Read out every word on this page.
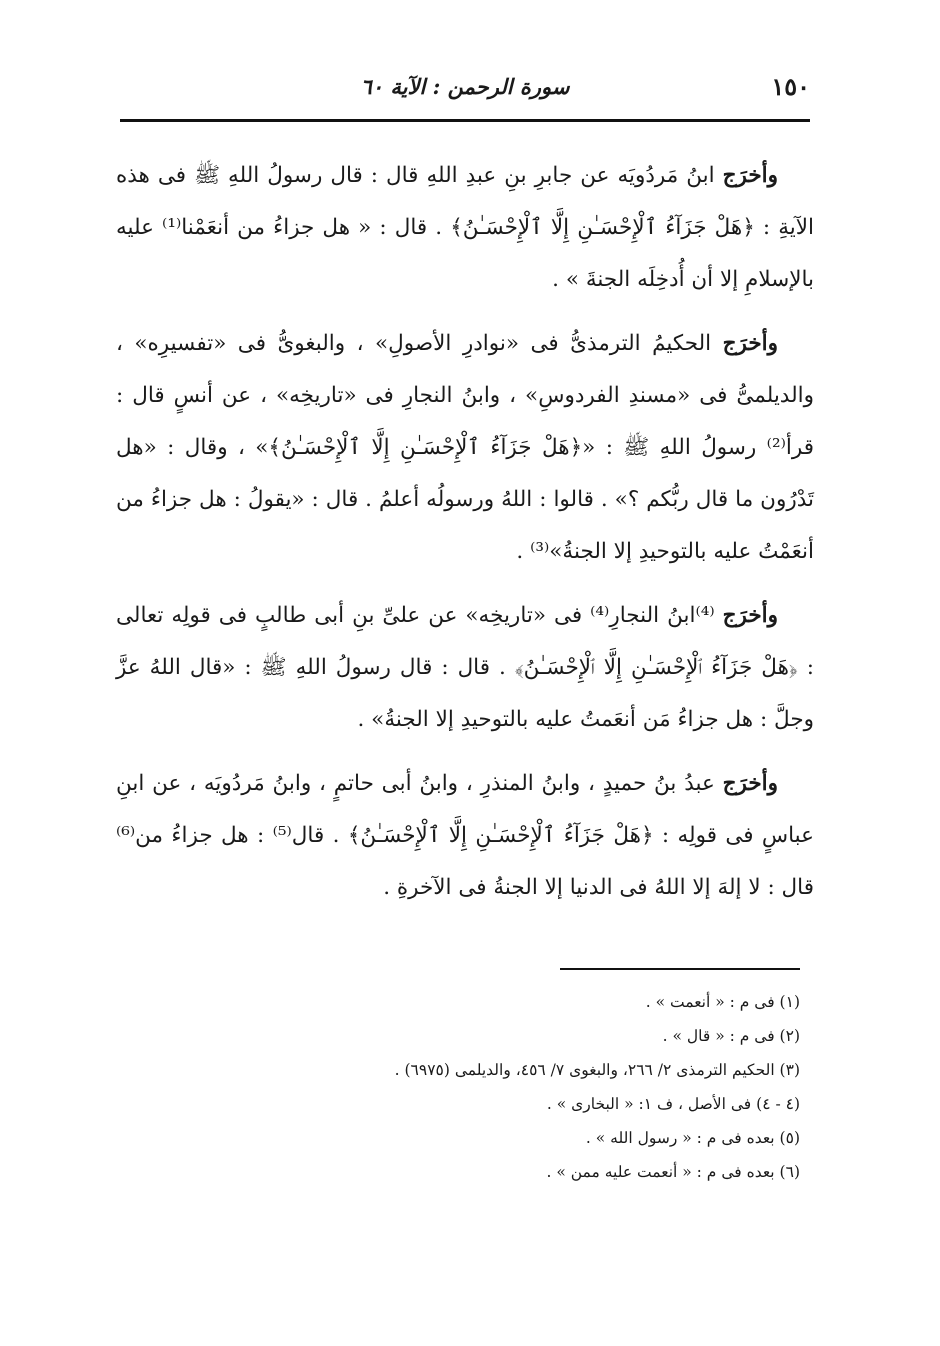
١٥٠
سورة الرحمن : الآية ٦٠

وأخرَج ابنُ مَردُويَه عن جابرِ بنِ عبدِ اللهِ قال : قال رسولُ اللهِ ﷺ فى هذه الآيةِ : ﴿هَلْ جَزَآءُ ٱلْإِحْسَـٰنِ إِلَّا ٱلْإِحْسَـٰنُ﴾ . قال : « هل جزاءُ من أنعَمْنا⁽¹⁾ عليه بالإسلامِ إلا أن أُدخِلَه الجنةَ » .

وأخرَج الحكيمُ الترمذىُّ فى «نوادرِ الأصولِ» ، والبغوىُّ فى «تفسيرِه» ، والديلمىُّ فى «مسندِ الفردوسِ» ، وابنُ النجارِ فى «تاريخِه» ، عن أنسٍ قال : قرأ⁽²⁾ رسولُ اللهِ ﷺ : «﴿هَلْ جَزَآءُ ٱلْإِحْسَـٰنِ إِلَّا ٱلْإِحْسَـٰنُ﴾» ، وقال : «هل تَدْرُون ما قال ربُّكم ؟» . قالوا : اللهُ ورسولُه أعلمُ . قال : «يقولُ : هل جزاءُ من أنعَمْتُ عليه بالتوحيدِ إلا الجنةُ»⁽³⁾ .

وأخرَج ⁽⁴⁾ابنُ النجارِ⁽⁴⁾ فى «تاريخِه» عن علىِّ بنِ أبى طالبٍ فى قولِه تعالى : ﴿هَلْ جَزَآءُ ٱلْإِحْسَـٰنِ إِلَّا ٱلْإِحْسَـٰنُ﴾ . قال : قال رسولُ اللهِ ﷺ : «قال اللهُ عزَّ وجلَّ : هل جزاءُ مَن أنعَمتُ عليه بالتوحيدِ إلا الجنةُ» .

وأخرَج عبدُ بنُ حميدٍ ، وابنُ المنذرِ ، وابنُ أبى حاتمٍ ، وابنُ مَردُويَه ، عن ابنِ عباسٍ فى قولِه : ﴿هَلْ جَزَآءُ ٱلْإِحْسَـٰنِ إِلَّا ٱلْإِحْسَـٰنُ﴾ . قال⁽⁵⁾ : هل جزاءُ من⁽⁶⁾ قال : لا إلهَ إلا اللهُ فى الدنيا إلا الجنةُ فى الآخرةِ .

(١) فى م : « أنعمت » .

(٢) فى م : « قال » .

(٣) الحكيم الترمذى ٢/ ٢٦٦، والبغوى ٧/ ٤٥٦، والديلمى (٦٩٧٥) .

(٤ - ٤) فى الأصل ، ف ١: « البخارى » .

(٥) بعده فى م : « رسول الله » .

(٦) بعده فى م : « أنعمت عليه ممن » .
